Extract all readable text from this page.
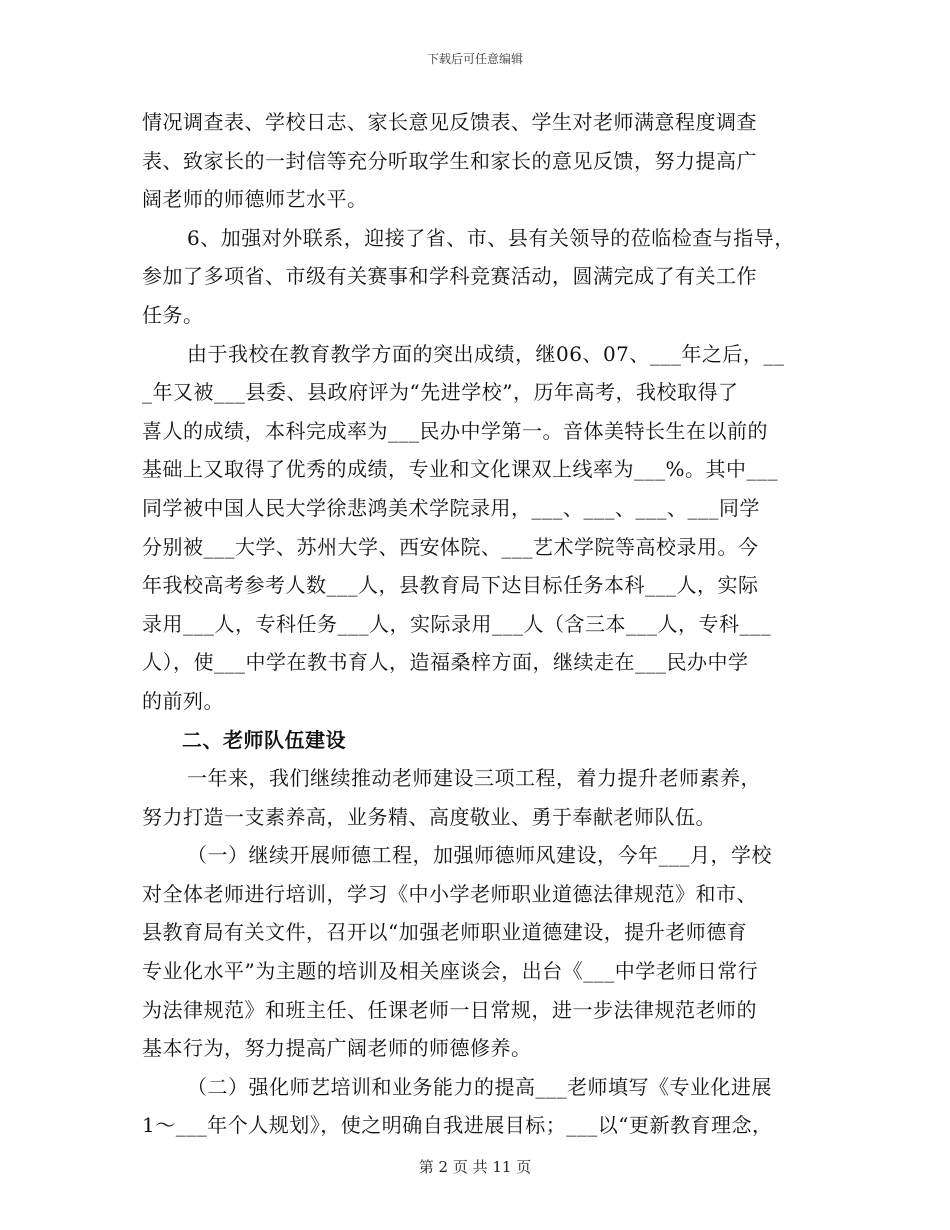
下载后可任意编辑
情况调查表、学校日志、家长意见反馈表、学生对老师满意程度调查
表、致家长的一封信等充分听取学生和家长的意见反馈，努力提高广
阔老师的师德师艺水平。
6、加强对外联系，迎接了省、市、县有关领导的莅临检查与指导，
参加了多项省、市级有关赛事和学科竞赛活动，圆满完成了有关工作
任务。
由于我校在教育教学方面的突出成绩，继06、07、___年之后，__
_年又被___县委、县政府评为“先进学校”，历年高考，我校取得了
喜人的成绩，本科完成率为___民办中学第一。音体美特长生在以前的
基础上又取得了优秀的成绩，专业和文化课双上线率为___%。其中___
同学被中国人民大学徐悲鸿美术学院录用，___、___、___、___同学
分别被___大学、苏州大学、西安体院、___艺术学院等高校录用。今
年我校高考参考人数___人，县教育局下达目标任务本科___人，实际
录用___人，专科任务___人，实际录用___人（含三本___人，专科___
人），使___中学在教书育人，造福桑梓方面，继续走在___民办中学
的前列。
二、老师队伍建设
一年来，我们继续推动老师建设三项工程，着力提升老师素养，
努力打造一支素养高，业务精、高度敬业、勇于奉献老师队伍。
（一）继续开展师德工程，加强师德师风建设，今年___月，学校
对全体老师进行培训，学习《中小学老师职业道德法律规范》和市、
县教育局有关文件，召开以“加强老师职业道德建设，提升老师德育
专业化水平”为主题的培训及相关座谈会，出台《___中学老师日常行
为法律规范》和班主任、任课老师一日常规，进一步法律规范老师的
基本行为，努力提高广阔老师的师德修养。
（二）强化师艺培训和业务能力的提高___老师填写《专业化进展
1～___年个人规划》，使之明确自我进展目标；___以“更新教育理念，
第 2 页 共 11 页
